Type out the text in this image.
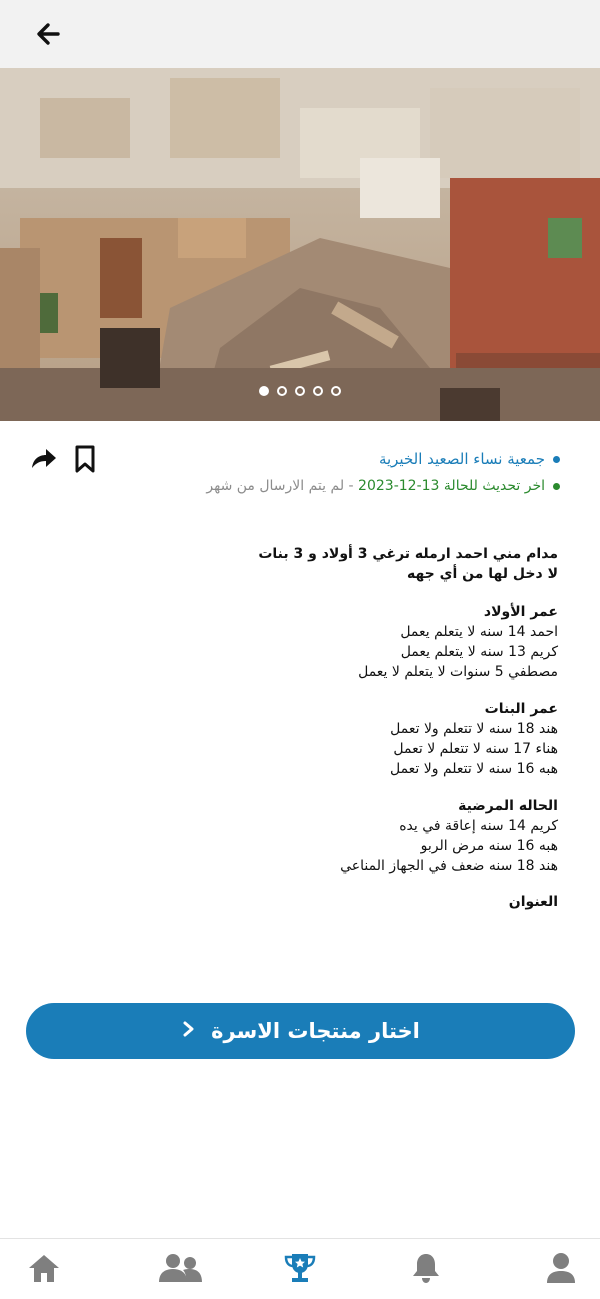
جمعية نساء الصعيد الخيرية
اخر تحديث للحالة 13-12-2023 - لم يتم الارسال من شهر
مدام مني احمد ارمله ترغي 3 أولاد و 3 بنات
لا دخل لها من أي جهه
عمر الأولاد
احمد 14 سنه لا يتعلم يعمل
كريم 13 سنه لا يتعلم يعمل
مصطفي 5 سنوات لا يتعلم لا يعمل
عمر البنات
هند 18 سنه لا تتعلم ولا تعمل
هناء 17 سنه لا تتعلم لا تعمل
هبه 16 سنه لا تتعلم ولا تعمل
الحاله المرضية
كريم 14 سنه إعاقة في يده
هبه 16 سنه مرض الربو
هند 18 سنه ضعف في الجهاز المناعي
العنوان
اختار منتجات الاسرة
